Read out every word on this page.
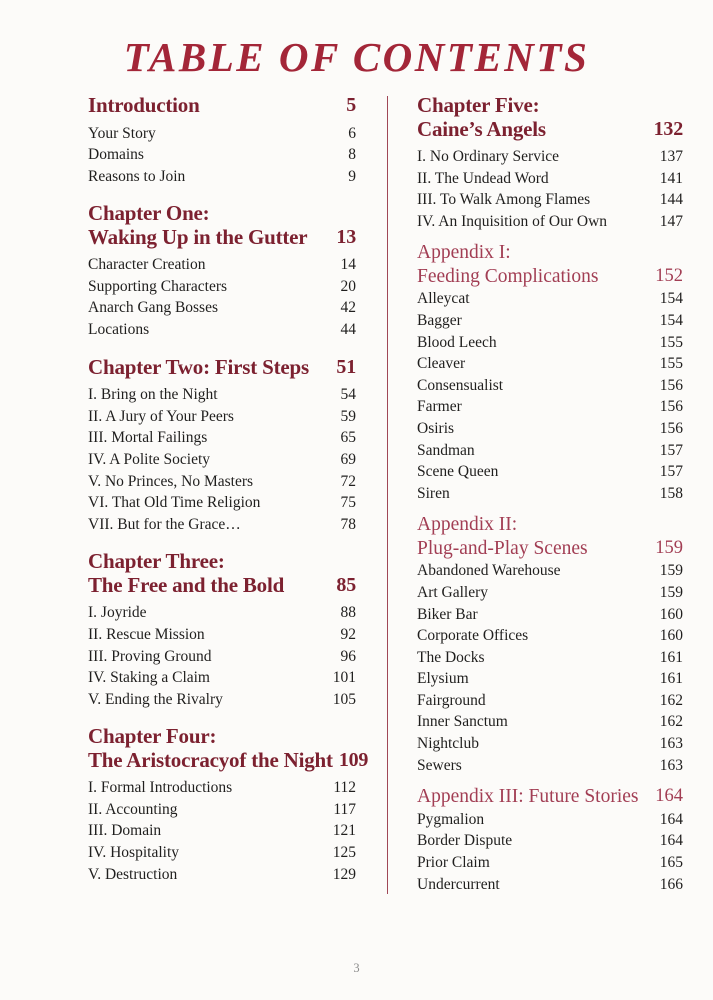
TABLE OF CONTENTS
Introduction	5
Your Story	6
Domains	8
Reasons to Join	9
Chapter One:
Waking Up in the Gutter	13
Character Creation	14
Supporting Characters	20
Anarch Gang Bosses	42
Locations	44
Chapter Two: First Steps	51
I. Bring on the Night	54
II. A Jury of Your Peers	59
III. Mortal Failings	65
IV. A Polite Society	69
V. No Princes, No Masters	72
VI. That Old Time Religion	75
VII. But for the Grace…	78
Chapter Three:
The Free and the Bold	85
I. Joyride	88
II. Rescue Mission	92
III. Proving Ground	96
IV. Staking a Claim	101
V. Ending the Rivalry	105
Chapter Four:
The Aristocracyof the Night 109
I. Formal Introductions	112
II. Accounting	117
III. Domain	121
IV. Hospitality	125
V. Destruction	129
Chapter Five:
Caine’s Angels	132
I. No Ordinary Service	137
II. The Undead Word	141
III. To Walk Among Flames	144
IV. An Inquisition of Our Own	147
Appendix I:
Feeding Complications	152
Alleycat	154
Bagger	154
Blood Leech	155
Cleaver	155
Consensualist	156
Farmer	156
Osiris	156
Sandman	157
Scene Queen	157
Siren	158
Appendix II:
Plug-and-Play Scenes	159
Abandoned Warehouse	159
Art Gallery	159
Biker Bar	160
Corporate Offices	160
The Docks	161
Elysium	161
Fairground	162
Inner Sanctum	162
Nightclub	163
Sewers	163
Appendix III: Future Stories 164
Pygmalion	164
Border Dispute	164
Prior Claim	165
Undercurrent	166
3
